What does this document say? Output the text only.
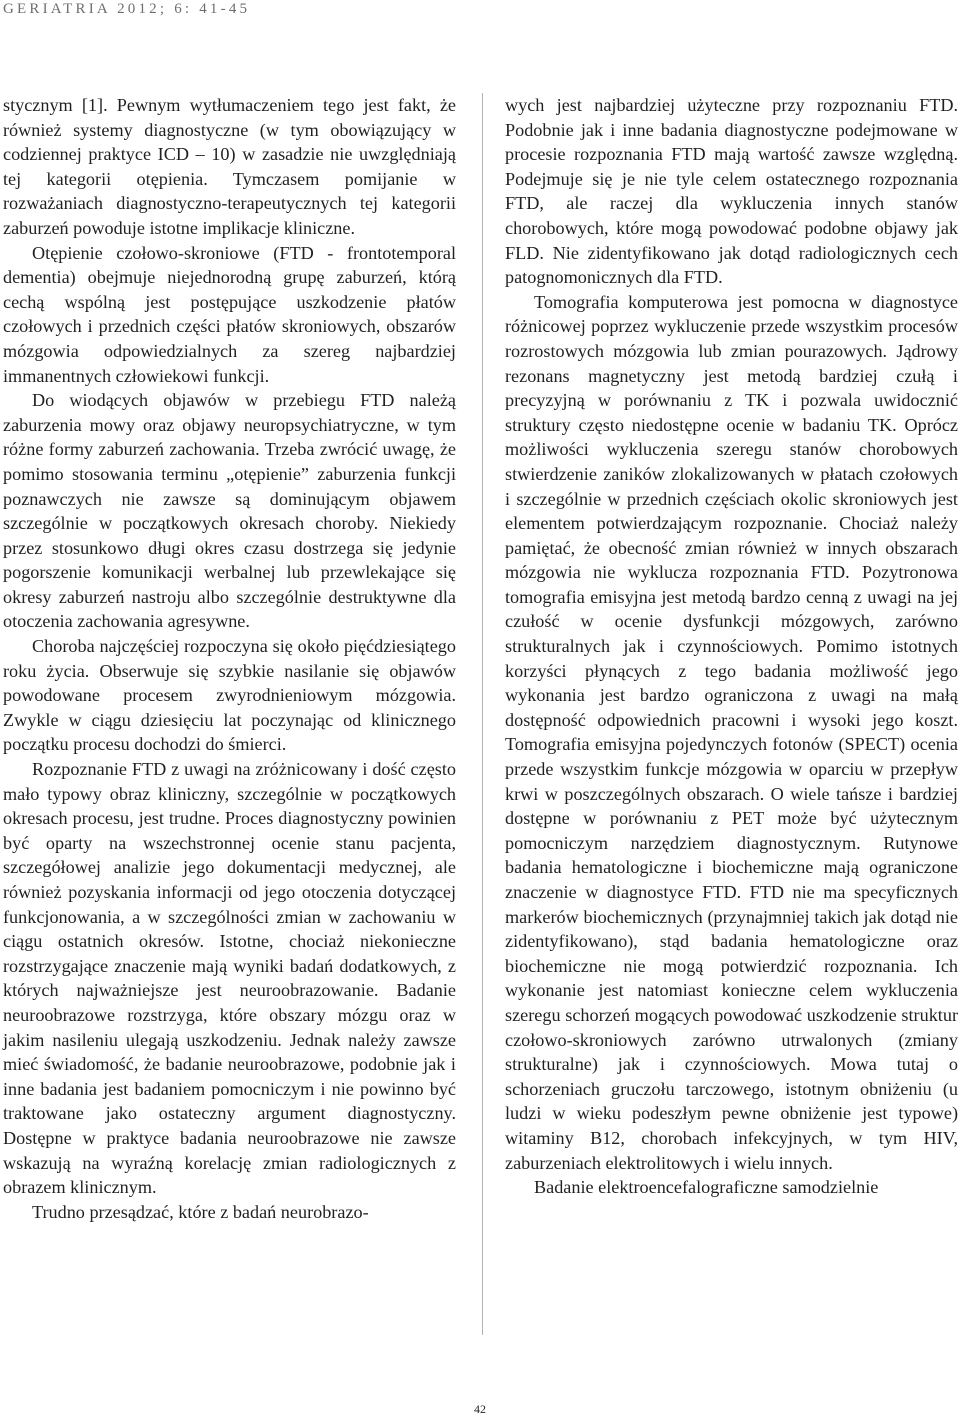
GERIATRIA 2012; 6: 41-45

stycznym [1]. Pewnym wytłumaczeniem tego jest fakt, że również systemy diagnostyczne (w tym obowiązujący w codziennej praktyce ICD – 10) w zasadzie nie uwzględniają tej kategorii otępienia. Tymczasem pomijanie w rozważaniach diagnostyczno-terapeutycznych tej kategorii zaburzeń powoduje istotne implikacje kliniczne.

Otępienie czołowo-skroniowe (FTD - frontotemporal dementia) obejmuje niejednorodną grupę zaburzeń, którą cechą wspólną jest postępujące uszkodzenie płatów czołowych i przednich części płatów skroniowych, obszarów mózgowia odpowiedzialnych za szereg najbardziej immanentnych człowiekowi funkcji.

Do wiodących objawów w przebiegu FTD należą zaburzenia mowy oraz objawy neuropsychiatryczne, w tym różne formy zaburzeń zachowania. Trzeba zwrócić uwagę, że pomimo stosowania terminu „otępienie” zaburzenia funkcji poznawczych nie zawsze są dominującym objawem szczególnie w początkowych okresach choroby. Niekiedy przez stosunkowo długi okres czasu dostrzega się jedynie pogorszenie komunikacji werbalnej lub przewlekające się okresy zaburzeń nastroju albo szczególnie destruktywne dla otoczenia zachowania agresywne.

Choroba najczęściej rozpoczyna się około pięćdziesiątego roku życia. Obserwuje się szybkie nasilanie się objawów powodowane procesem zwyrodnieniowym mózgowia. Zwykle w ciągu dziesięciu lat poczynając od klinicznego początku procesu dochodzi do śmierci.

Rozpoznanie FTD z uwagi na zróżnicowany i dość często mało typowy obraz kliniczny, szczególnie w początkowych okresach procesu, jest trudne. Proces diagnostyczny powinien być oparty na wszechstronnej ocenie stanu pacjenta, szczegółowej analizie jego dokumentacji medycznej, ale również pozyskania informacji od jego otoczenia dotyczącej funkcjonowania, a w szczególności zmian w zachowaniu w ciągu ostatnich okresów. Istotne, chociaż niekonieczne rozstrzygające znaczenie mają wyniki badań dodatkowych, z których najważniejsze jest neuroobrazowanie. Badanie neuroobrazowe rozstrzyga, które obszary mózgu oraz w jakim nasileniu ulegają uszkodzeniu. Jednak należy zawsze mieć świadomość, że badanie neuroobrazowe, podobnie jak i inne badania jest badaniem pomocniczym i nie powinno być traktowane jako ostateczny argument diagnostyczny. Dostępne w praktyce badania neuroobrazowe nie zawsze wskazują na wyraźną korelację zmian radiologicznych z obrazem klinicznym.

Trudno przesądzać, które z badań neurobrazo-

wych jest najbardziej użyteczne przy rozpoznaniu FTD. Podobnie jak i inne badania diagnostyczne podejmowane w procesie rozpoznania FTD mają wartość zawsze względną. Podejmuje się je nie tyle celem ostatecznego rozpoznania FTD, ale raczej dla wykluczenia innych stanów chorobowych, które mogą powodować podobne objawy jak FLD. Nie zidentyfikowano jak dotąd radiologicznych cech patognomonicznych dla FTD.

Tomografia komputerowa jest pomocna w diagnostyce różnicowej poprzez wykluczenie przede wszystkim procesów rozrostowych mózgowia lub zmian pourazowych. Jądrowy rezonans magnetyczny jest metodą bardziej czułą i precyzyjną w porównaniu z TK i pozwala uwidocznić struktury często niedostępne ocenie w badaniu TK. Oprócz możliwości wykluczenia szeregu stanów chorobowych stwierdzenie zaników zlokalizowanych w płatach czołowych i szczególnie w przednich częściach okolic skroniowych jest elementem potwierdzającym rozpoznanie. Chociaż należy pamiętać, że obecność zmian również w innych obszarach mózgowia nie wyklucza rozpoznania FTD. Pozytronowa tomografia emisyjna jest metodą bardzo cenną z uwagi na jej czułość w ocenie dysfunkcji mózgowych, zarówno strukturalnych jak i czynnościowych. Pomimo istotnych korzyści płynących z tego badania możliwość jego wykonania jest bardzo ograniczona z uwagi na małą dostępność odpowiednich pracowni i wysoki jego koszt. Tomografia emisyjna pojedynczych fotonów (SPECT) ocenia przede wszystkim funkcje mózgowia w oparciu w przepływ krwi w poszczególnych obszarach. O wiele tańsze i bardziej dostępne w porównaniu z PET może być użytecznym pomocniczym narzędziem diagnostycznym. Rutynowe badania hematologiczne i biochemiczne mają ograniczone znaczenie w diagnostyce FTD. FTD nie ma specyficznych markerów biochemicznych (przynajmniej takich jak dotąd nie zidentyfikowano), stąd badania hematologiczne oraz biochemiczne nie mogą potwierdzić rozpoznania. Ich wykonanie jest natomiast konieczne celem wykluczenia szeregu schorzeń mogących powodować uszkodzenie struktur czołowo-skroniowych zarówno utrwalonych (zmiany strukturalne) jak i czynnościowych. Mowa tutaj o schorzeniach gruczołu tarczowego, istotnym obniżeniu (u ludzi w wieku podeszłym pewne obniżenie jest typowe) witaminy B12, chorobach infekcyjnych, w tym HIV, zaburzeniach elektrolitowych i wielu innych.

Badanie elektroencefalograficzne samodzielnie

42
